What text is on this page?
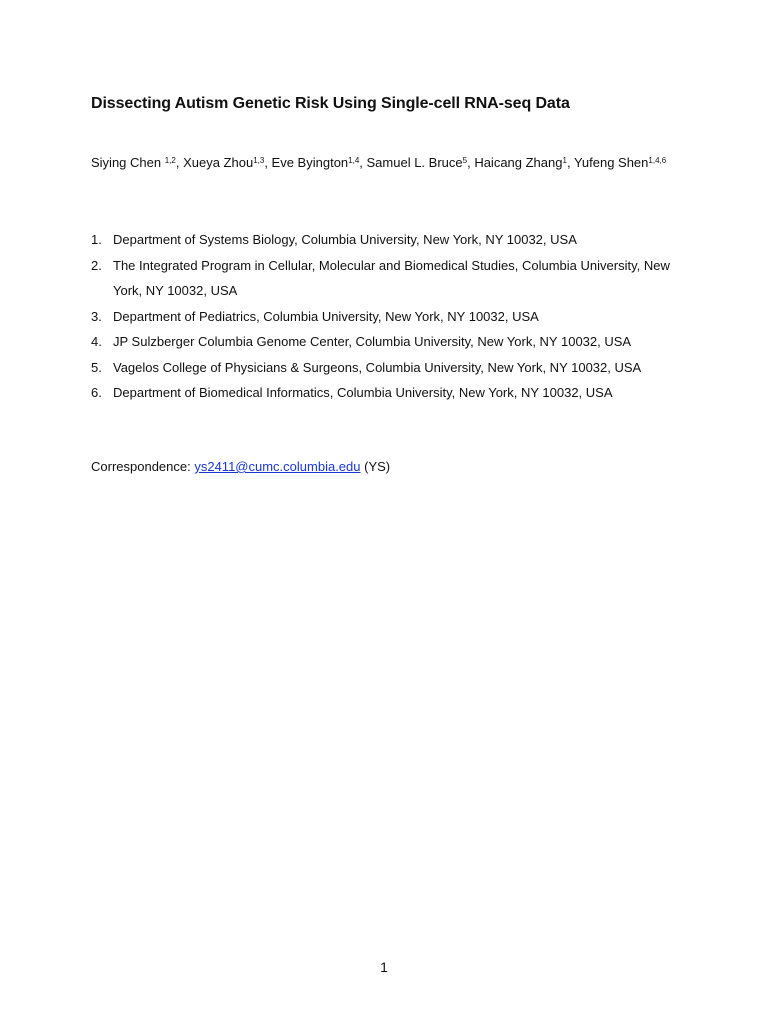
Dissecting Autism Genetic Risk Using Single-cell RNA-seq Data

Siying Chen $^{1,2}$, Xueya Zhou$^{1,3}$, Eve Byington$^{1,4}$, Samuel L. Bruce$^5$, Haicang Zhang$^1$, Yufeng Shen$^{1,4,6}$

1. Department of Systems Biology, Columbia University, New York, NY 10032, USA
2. The Integrated Program in Cellular, Molecular and Biomedical Studies, Columbia University, New York, NY 10032, USA
3. Department of Pediatrics, Columbia University, New York, NY 10032, USA
4. JP Sulzberger Columbia Genome Center, Columbia University, New York, NY 10032, USA
5. Vagelos College of Physicians & Surgeons, Columbia University, New York, NY 10032, USA
6. Department of Biomedical Informatics, Columbia University, New York, NY 10032, USA

Correspondence: ys2411@cumc.columbia.edu (YS)

1
